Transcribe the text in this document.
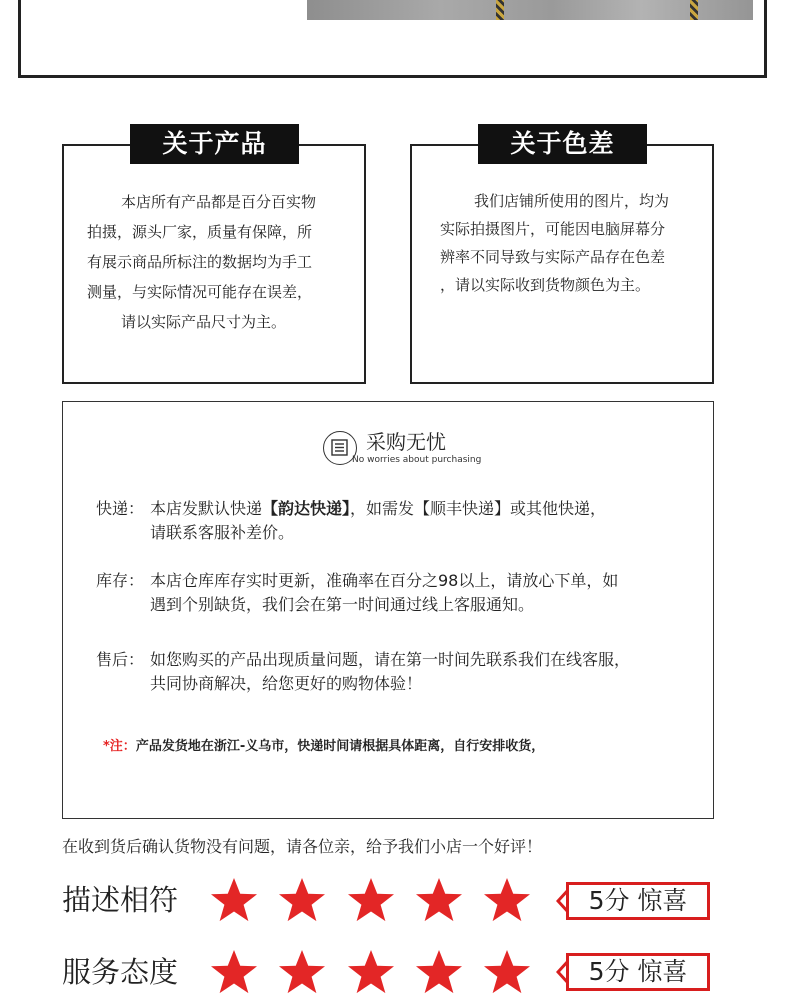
关于产品

本店所有产品都是百分百实物

拍摄，源头厂家，质量有保障，所

有展示商品所标注的数据均为手工

测量，与实际情况可能存在误差，

请以实际产品尺寸为主。

关于色差

我们店铺所使用的图片，均为

实际拍摄图片，可能因电脑屏幕分

辨率不同导致与实际产品存在色差

，请以实际收到货物颜色为主。

采购无忧
No worries about purchasing
快递： 本店发默认快递【韵达快递】，如需发【顺丰快递】或其他快递，
请联系客服补差价。
库存： 本店仓库库存实时更新，准确率在百分之98以上，请放心下单，如
遇到个别缺货，我们会在第一时间通过线上客服通知。
售后： 如您购买的产品出现质量问题，请在第一时间先联系我们在线客服，
共同协商解决，给您更好的购物体验！
*注：产品发货地在浙江-义乌市，快递时间请根据具体距离，自行安排收货，
在收到货后确认货物没有问题，请各位亲，给予我们小店一个好评！
描述相符	5分 惊喜
服务态度	5分 惊喜
